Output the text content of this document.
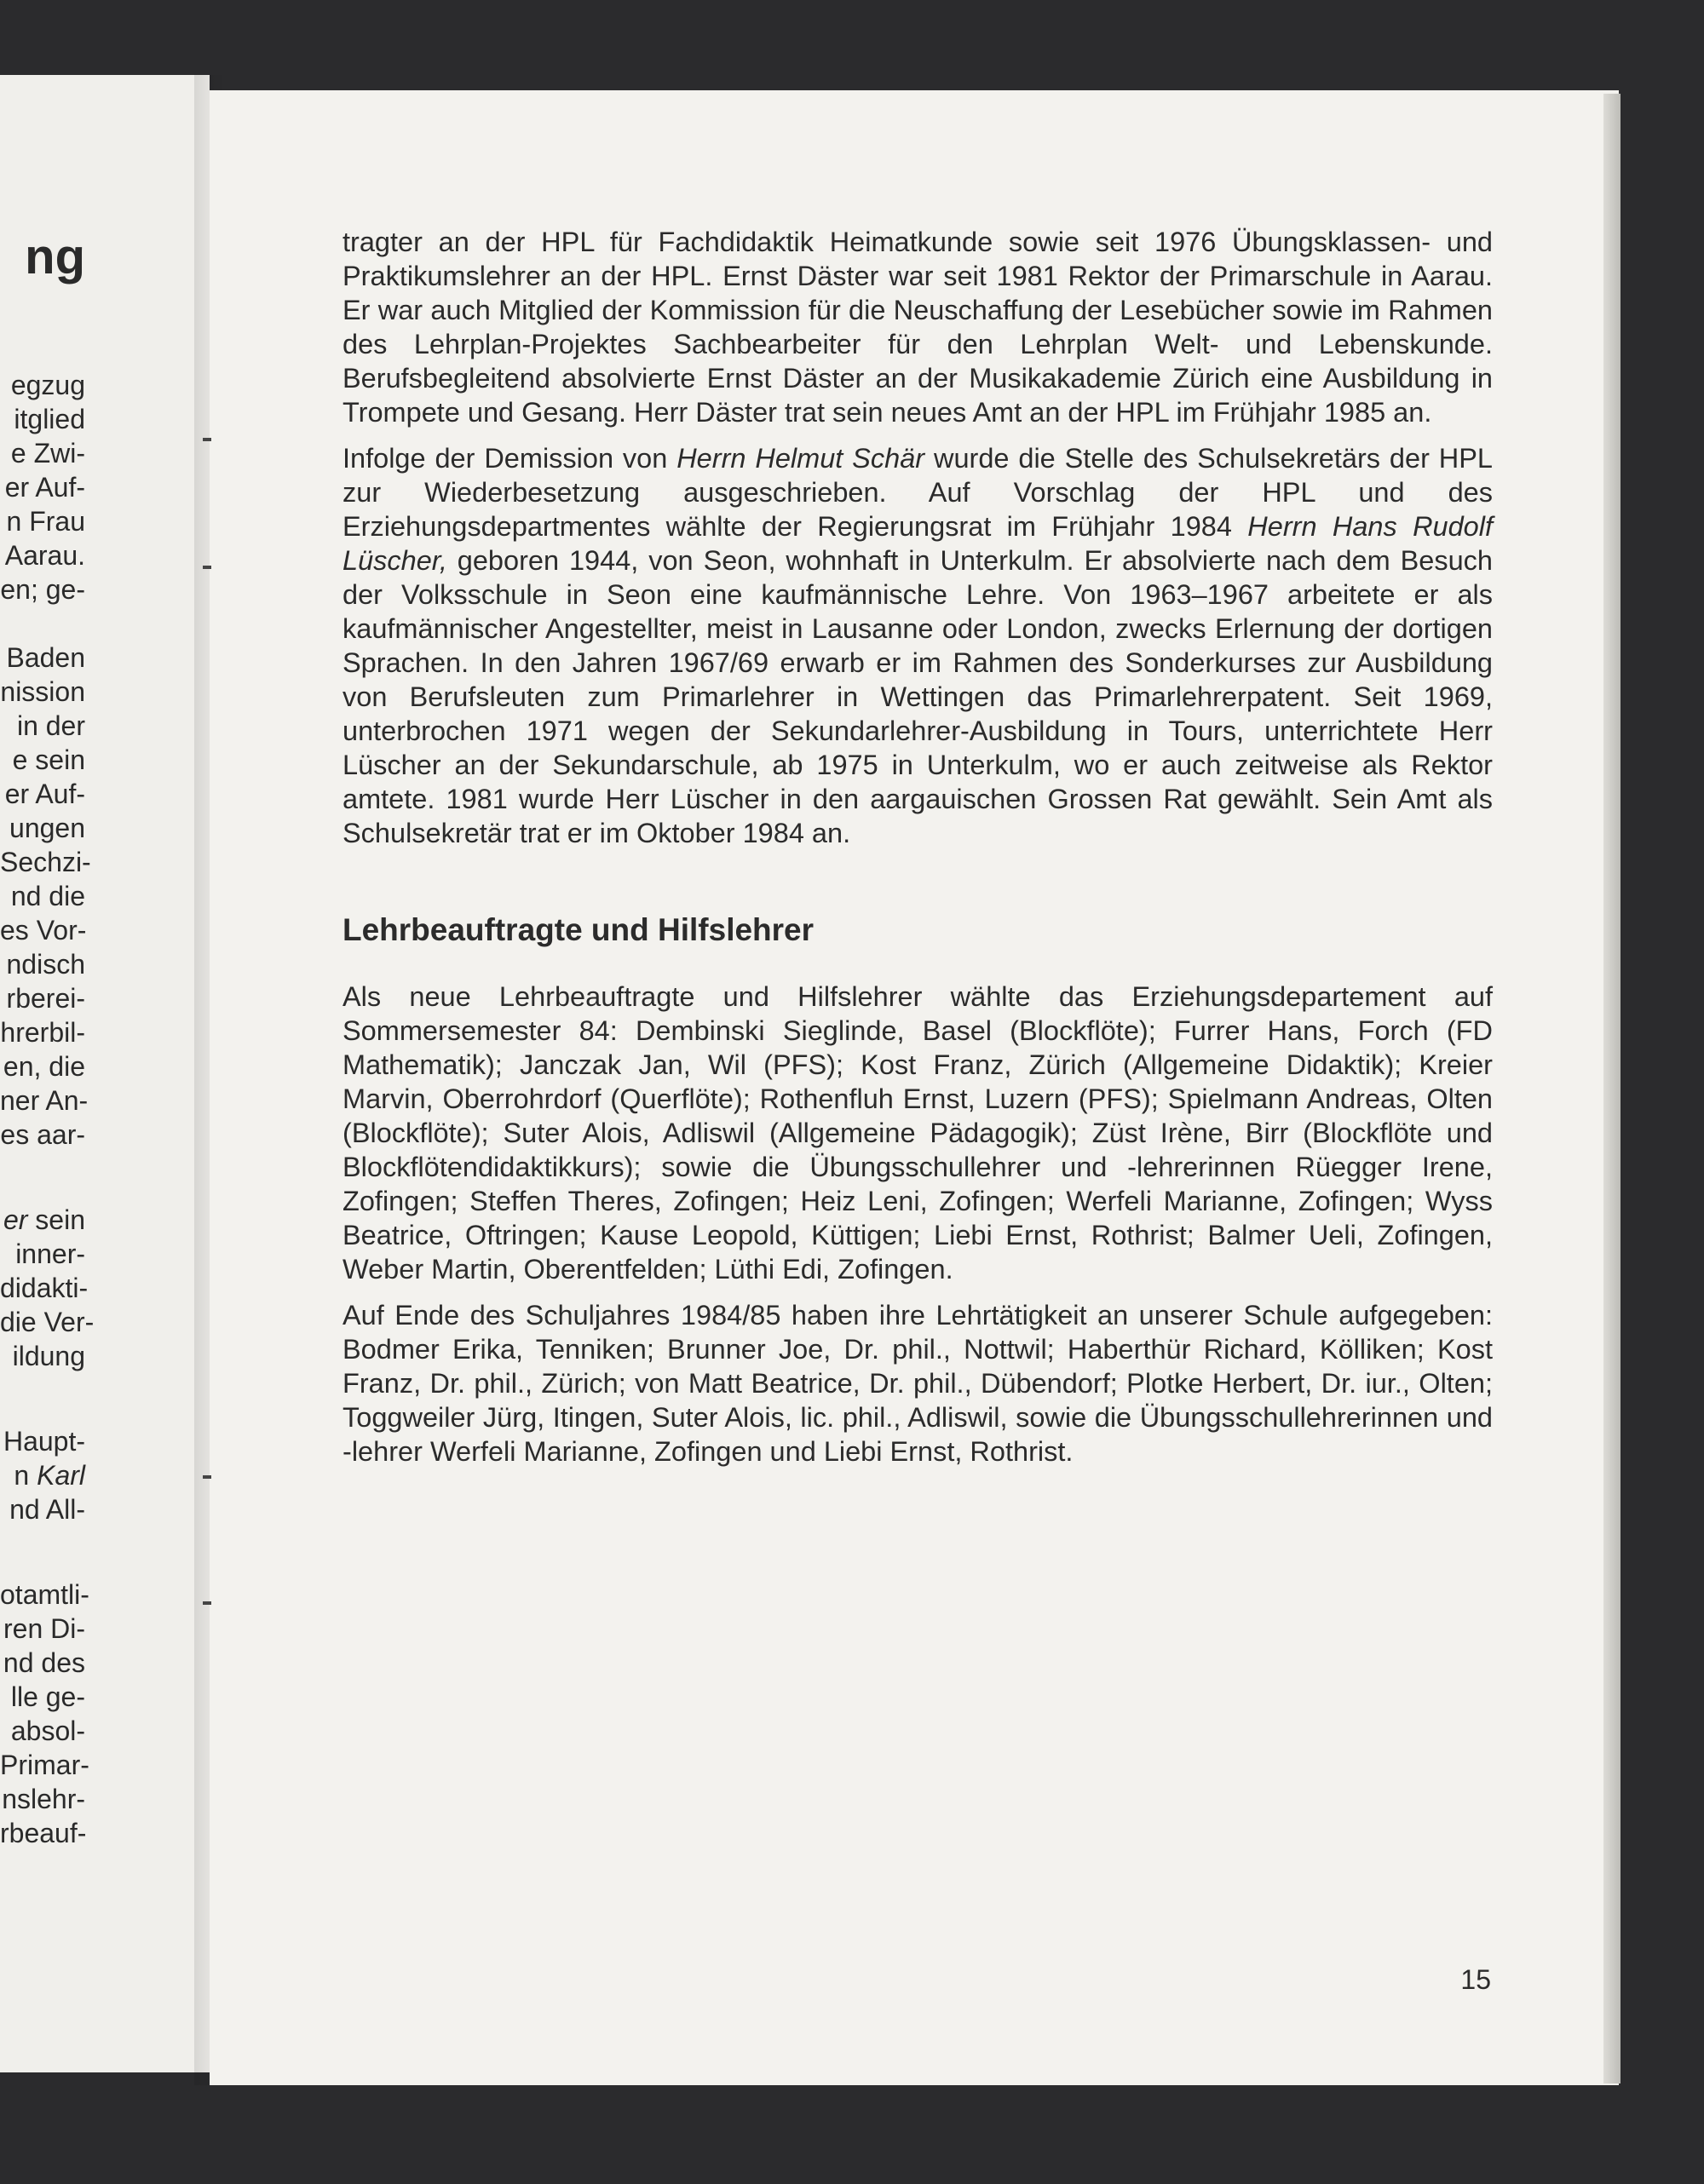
ng
egzug
itglied
e Zwi-
er Auf-
n Frau
Aarau.
en; ge-
Baden
nission
in der
e sein
er Auf-
ungen
Sechzi-
nd die
es Vor-
ndisch
rberei-
hrerbil-
en, die
ner An-
es aar-
er sein
inner-
didakti-
die Ver-
ildung
Haupt-
n Karl
nd All-
otamtli-
ren Di-
nd des
lle ge-
absol-
Primar-
nslehr-
rbeauf-

tragter an der HPL für Fachdidaktik Heimatkunde sowie seit 1976 Übungsklassen- und Praktikumslehrer an der HPL. Ernst Däster war seit 1981 Rektor der Primarschule in Aarau. Er war auch Mitglied der Kommission für die Neuschaffung der Lesebücher sowie im Rahmen des Lehrplan-Projektes Sachbearbeiter für den Lehrplan Welt- und Lebenskunde. Berufsbegleitend absolvierte Ernst Däster an der Musikakademie Zürich eine Ausbildung in Trompete und Gesang. Herr Däster trat sein neues Amt an der HPL im Frühjahr 1985 an.

Infolge der Demission von Herrn Helmut Schär wurde die Stelle des Schulsekretärs der HPL zur Wiederbesetzung ausgeschrieben. Auf Vorschlag der HPL und des Erziehungsdepartmentes wählte der Regierungsrat im Frühjahr 1984 Herrn Hans Rudolf Lüscher, geboren 1944, von Seon, wohnhaft in Unterkulm. Er absolvierte nach dem Besuch der Volksschule in Seon eine kaufmännische Lehre. Von 1963–1967 arbeitete er als kaufmännischer Angestellter, meist in Lausanne oder London, zwecks Erlernung der dortigen Sprachen. In den Jahren 1967/69 erwarb er im Rahmen des Sonderkurses zur Ausbildung von Berufsleuten zum Primarlehrer in Wettingen das Primarlehrerpatent. Seit 1969, unterbrochen 1971 wegen der Sekundarlehrer-Ausbildung in Tours, unterrichtete Herr Lüscher an der Sekundarschule, ab 1975 in Unterkulm, wo er auch zeitweise als Rektor amtete. 1981 wurde Herr Lüscher in den aargauischen Grossen Rat gewählt. Sein Amt als Schulsekretär trat er im Oktober 1984 an.

Lehrbeauftragte und Hilfslehrer

Als neue Lehrbeauftragte und Hilfslehrer wählte das Erziehungsdepartement auf Sommersemester 84: Dembinski Sieglinde, Basel (Blockflöte); Furrer Hans, Forch (FD Mathematik); Janczak Jan, Wil (PFS); Kost Franz, Zürich (Allgemeine Didaktik); Kreier Marvin, Oberrohrdorf (Querflöte); Rothenfluh Ernst, Luzern (PFS); Spielmann Andreas, Olten (Blockflöte); Suter Alois, Adliswil (Allgemeine Pädagogik); Züst Irène, Birr (Blockflöte und Blockflötendidaktikkurs); sowie die Übungsschullehrer und -lehrerinnen Rüegger Irene, Zofingen; Steffen Theres, Zofingen; Heiz Leni, Zofingen; Werfeli Marianne, Zofingen; Wyss Beatrice, Oftringen; Kause Leopold, Küttigen; Liebi Ernst, Rothrist; Balmer Ueli, Zofingen, Weber Martin, Oberentfelden; Lüthi Edi, Zofingen.

Auf Ende des Schuljahres 1984/85 haben ihre Lehrtätigkeit an unserer Schule aufgegeben: Bodmer Erika, Tenniken; Brunner Joe, Dr. phil., Nottwil; Haberthür Richard, Kölliken; Kost Franz, Dr. phil., Zürich; von Matt Beatrice, Dr. phil., Dübendorf; Plotke Herbert, Dr. iur., Olten; Toggweiler Jürg, Itingen, Suter Alois, lic. phil., Adliswil, sowie die Übungsschullehrerinnen und -lehrer Werfeli Marianne, Zofingen und Liebi Ernst, Rothrist.

15
